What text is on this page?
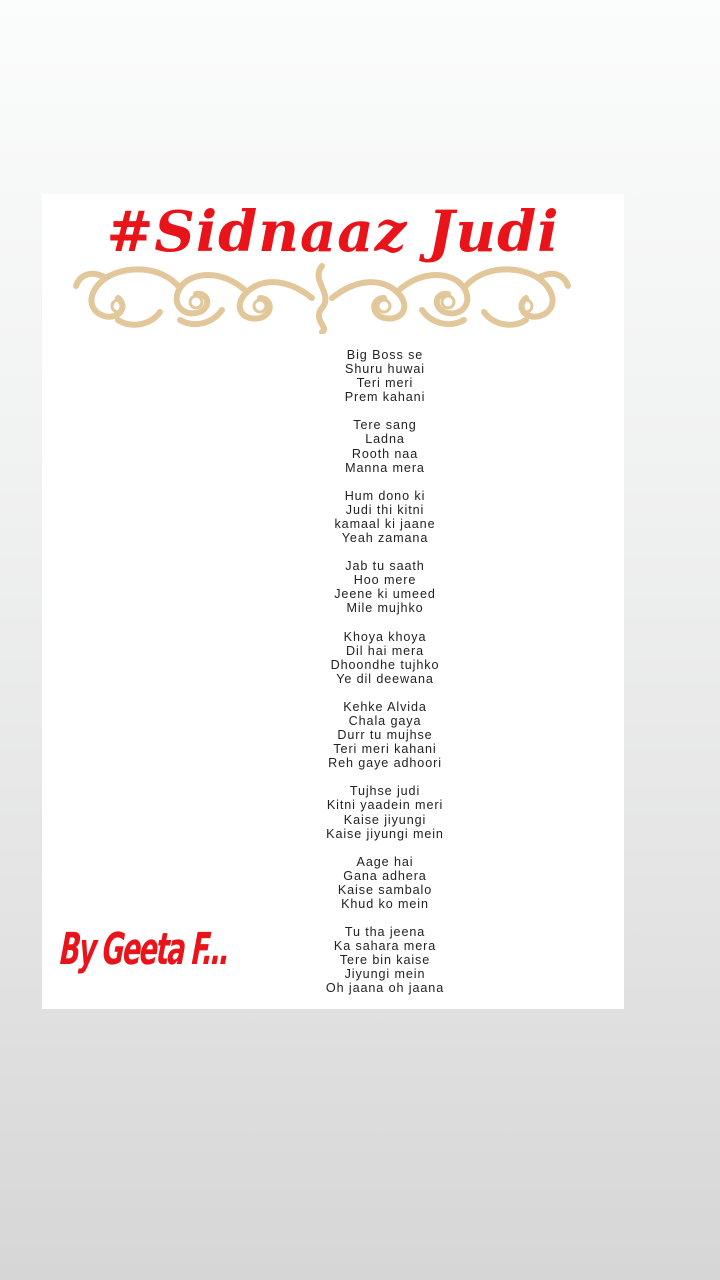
#Sidnaaz Judi
Big Boss se
Shuru huwai
Teri meri
Prem kahani
Tere sang
Ladna
Rooth naa
Manna mera
Hum dono ki
Judi thi kitni
kamaal ki jaane
Yeah zamana
Jab tu saath
Hoo mere
Jeene ki umeed
Mile mujhko
Khoya khoya
Dil hai mera
Dhoondhe tujhko
Ye dil deewana
Kehke Alvida
Chala gaya
Durr tu mujhse
Teri meri kahani
Reh gaye adhoori
Tujhse judi
Kitni yaadein meri
Kaise jiyungi
Kaise jiyungi mein
Aage hai
Gana adhera
Kaise sambalo
Khud ko mein
Tu tha jeena
Ka sahara mera
Tere bin kaise
Jiyungi mein
Oh jaana oh jaana
By Geeta F...
